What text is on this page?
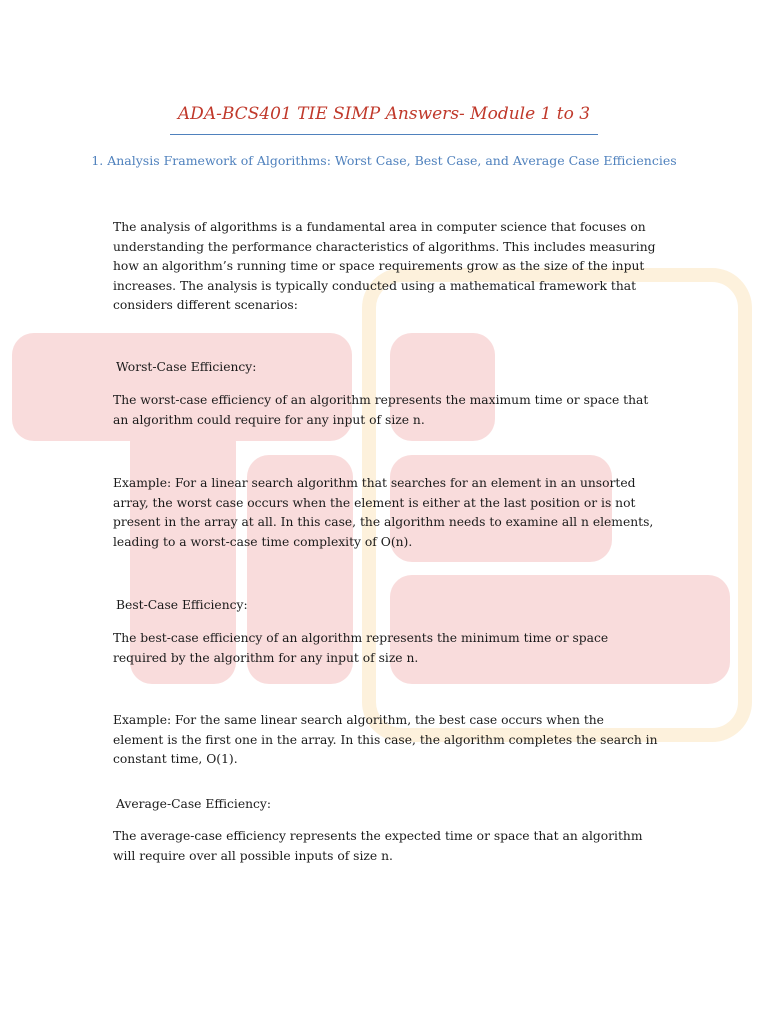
ADA-BCS401 TIE SIMP Answers- Module 1 to 3
1. Analysis Framework of Algorithms: Worst Case, Best Case, and Average Case Efficiencies

The analysis of algorithms is a fundamental area in computer science that focuses on understanding the performance characteristics of algorithms. This includes measuring how an algorithm’s running time or space requirements grow as the size of the input increases. The analysis is typically conducted using a mathematical framework that considers different scenarios:

Worst-Case Efficiency:

The worst-case efficiency of an algorithm represents the maximum time or space that an algorithm could require for any input of size n.

Example: For a linear search algorithm that searches for an element in an unsorted array, the worst case occurs when the element is either at the last position or is not present in the array at all. In this case, the algorithm needs to examine all n elements, leading to a worst-case time complexity of O(n).

Best-Case Efficiency:

The best-case efficiency of an algorithm represents the minimum time or space required by the algorithm for any input of size n.

Example: For the same linear search algorithm, the best case occurs when the element is the first one in the array. In this case, the algorithm completes the search in constant time, O(1).

Average-Case Efficiency:

The average-case efficiency represents the expected time or space that an algorithm will require over all possible inputs of size n.
